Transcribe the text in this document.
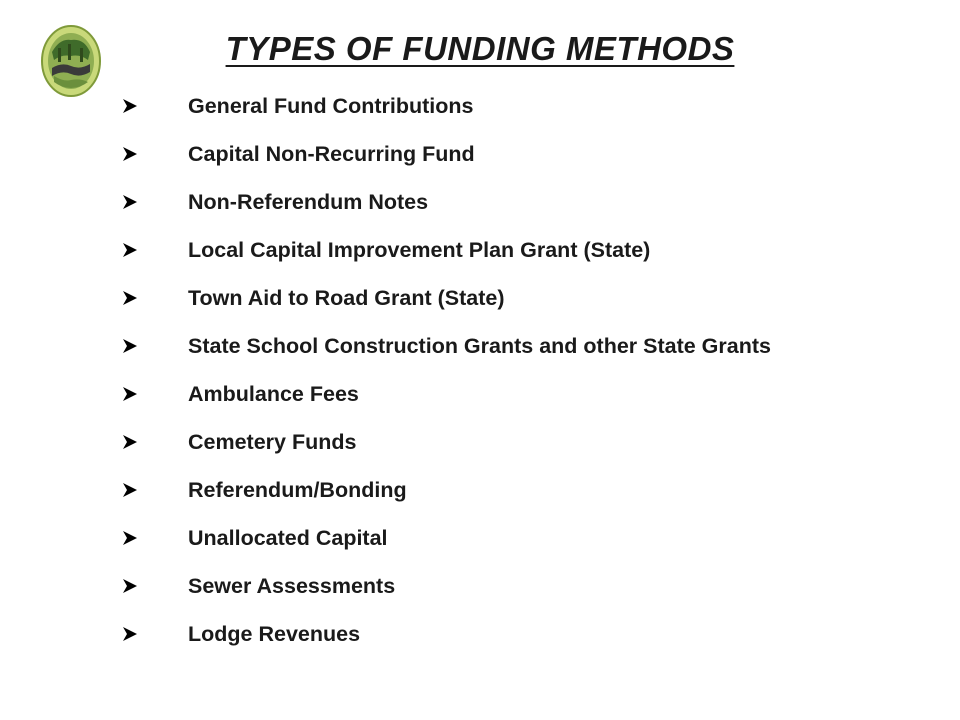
TYPES OF FUNDING METHODS
General Fund Contributions
Capital Non-Recurring Fund
Non-Referendum Notes
Local Capital Improvement Plan Grant (State)
Town Aid to Road Grant (State)
State School Construction Grants and other State Grants
Ambulance Fees
Cemetery Funds
Referendum/Bonding
Unallocated Capital
Sewer Assessments
Lodge Revenues
